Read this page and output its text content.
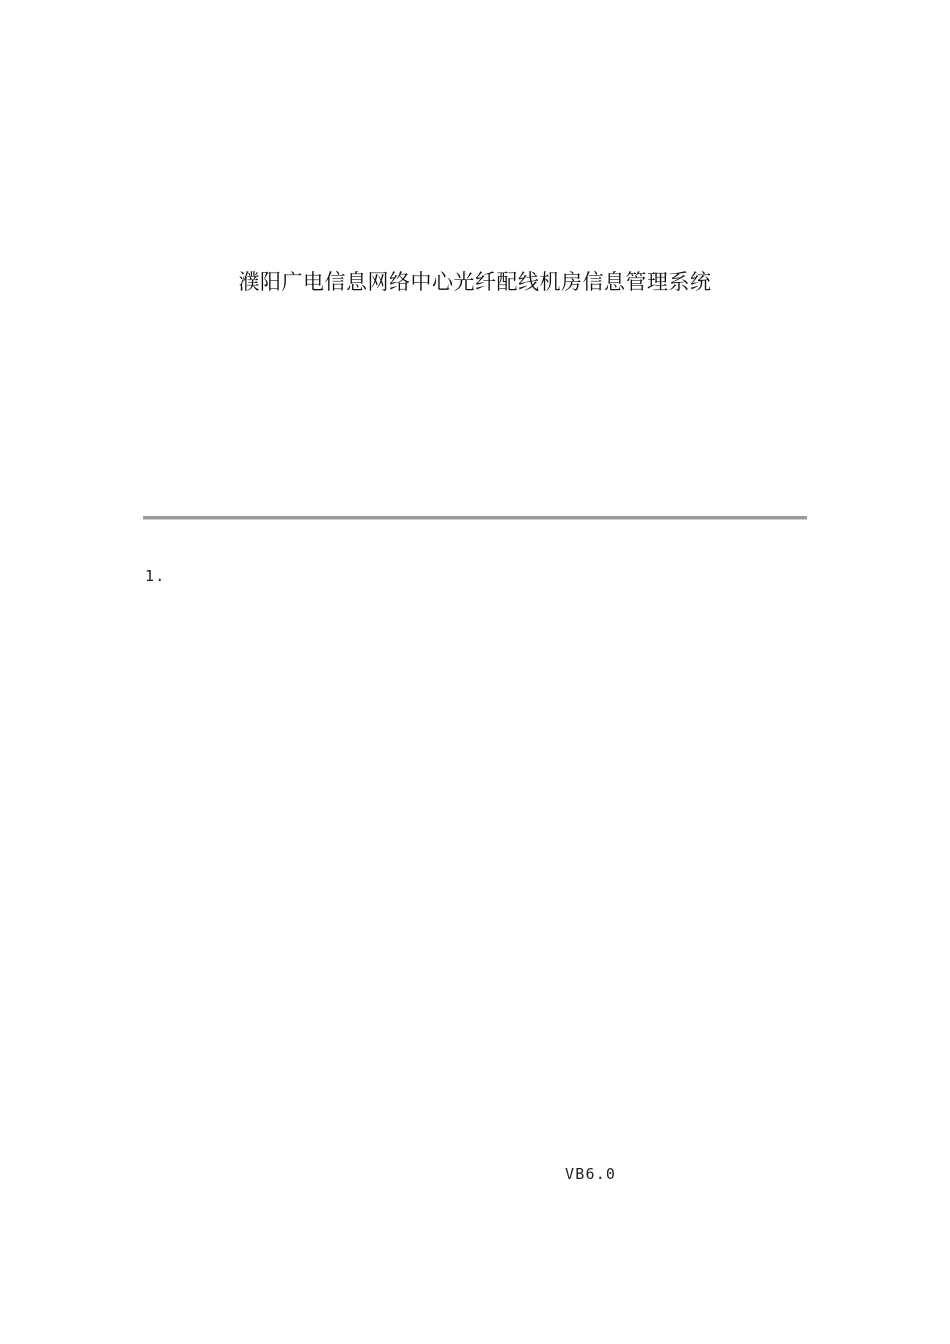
濮阳广电信息网络中心光纤配线机房信息管理系统

1.
VB6.0
